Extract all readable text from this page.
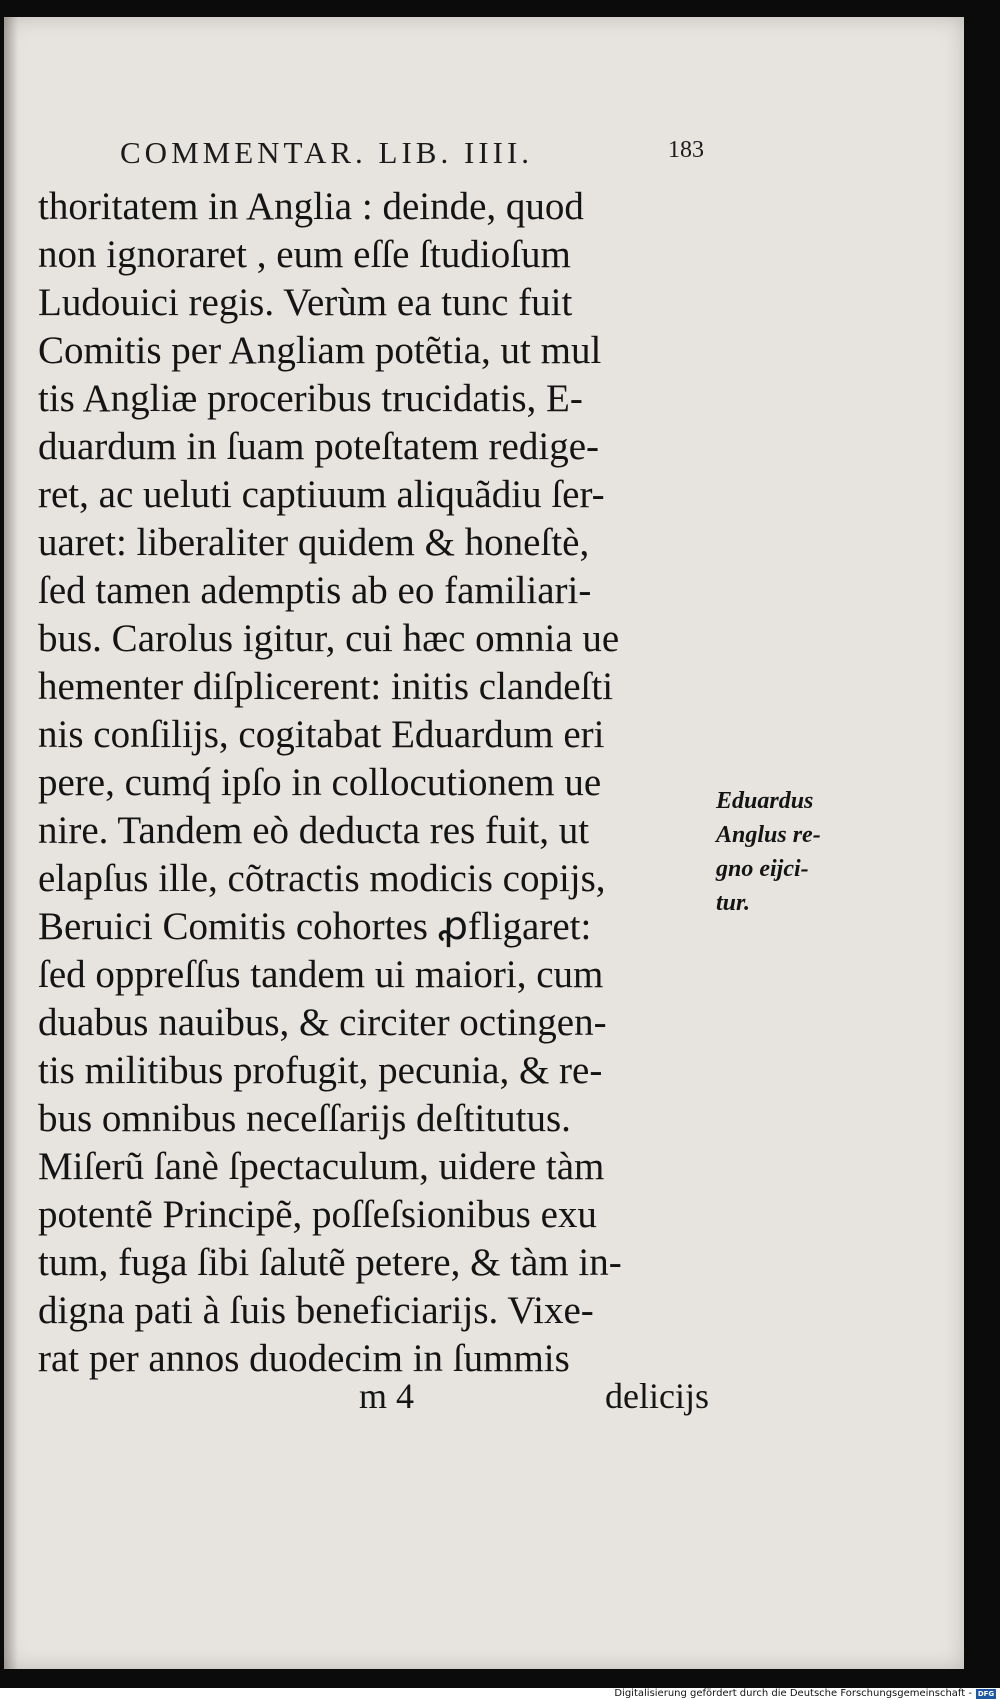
COMMENTAR. LIB. IIII.	183
thoritatem in Anglia : deinde, quod
non ignoraret , eum eſſe ſtudioſum
Ludouici regis. Verùm ea tunc fuit
Comitis per Angliam potẽtia, ut mul
tis Angliæ proceribus trucidatis, E-
duardum in ſuam poteſtatem redige-
ret, ac ueluti captiuum aliquãdiu ſer-
uaret: liberaliter quidem & honeſtè,
ſed tamen ademptis ab eo familiari-
bus. Carolus igitur, cui hæc omnia ue
hementer diſplicerent: initis clandeſti
nis conſilijs, cogitabat Eduardum eri
pere, cumq́ ipſo in collocutionem ue
nire. Tandem eò deducta res fuit, ut
elapſus ille, cõtractis modicis copijs,
Beruici Comitis cohortes ꝓfligaret:
ſed oppreſſus tandem ui maiori, cum
duabus nauibus, & circiter octingen-
tis militibus profugit, pecunia, & re-
bus omnibus neceſſarijs deſtitutus.
Miſerũ ſanè ſpectaculum, uidere tàm
potentẽ Principẽ, poſſeſsionibus exu
tum, fuga ſibi ſalutẽ petere, & tàm in-
digna pati à ſuis beneficiarijs. Vixe-
rat per annos duodecim in ſummis
m 4	delicijs
Eduardus
Anglus re-
gno eijci-
tur.
Digitalisierung gefördert durch die Deutsche Forschungsgemeinschaft - DFG
